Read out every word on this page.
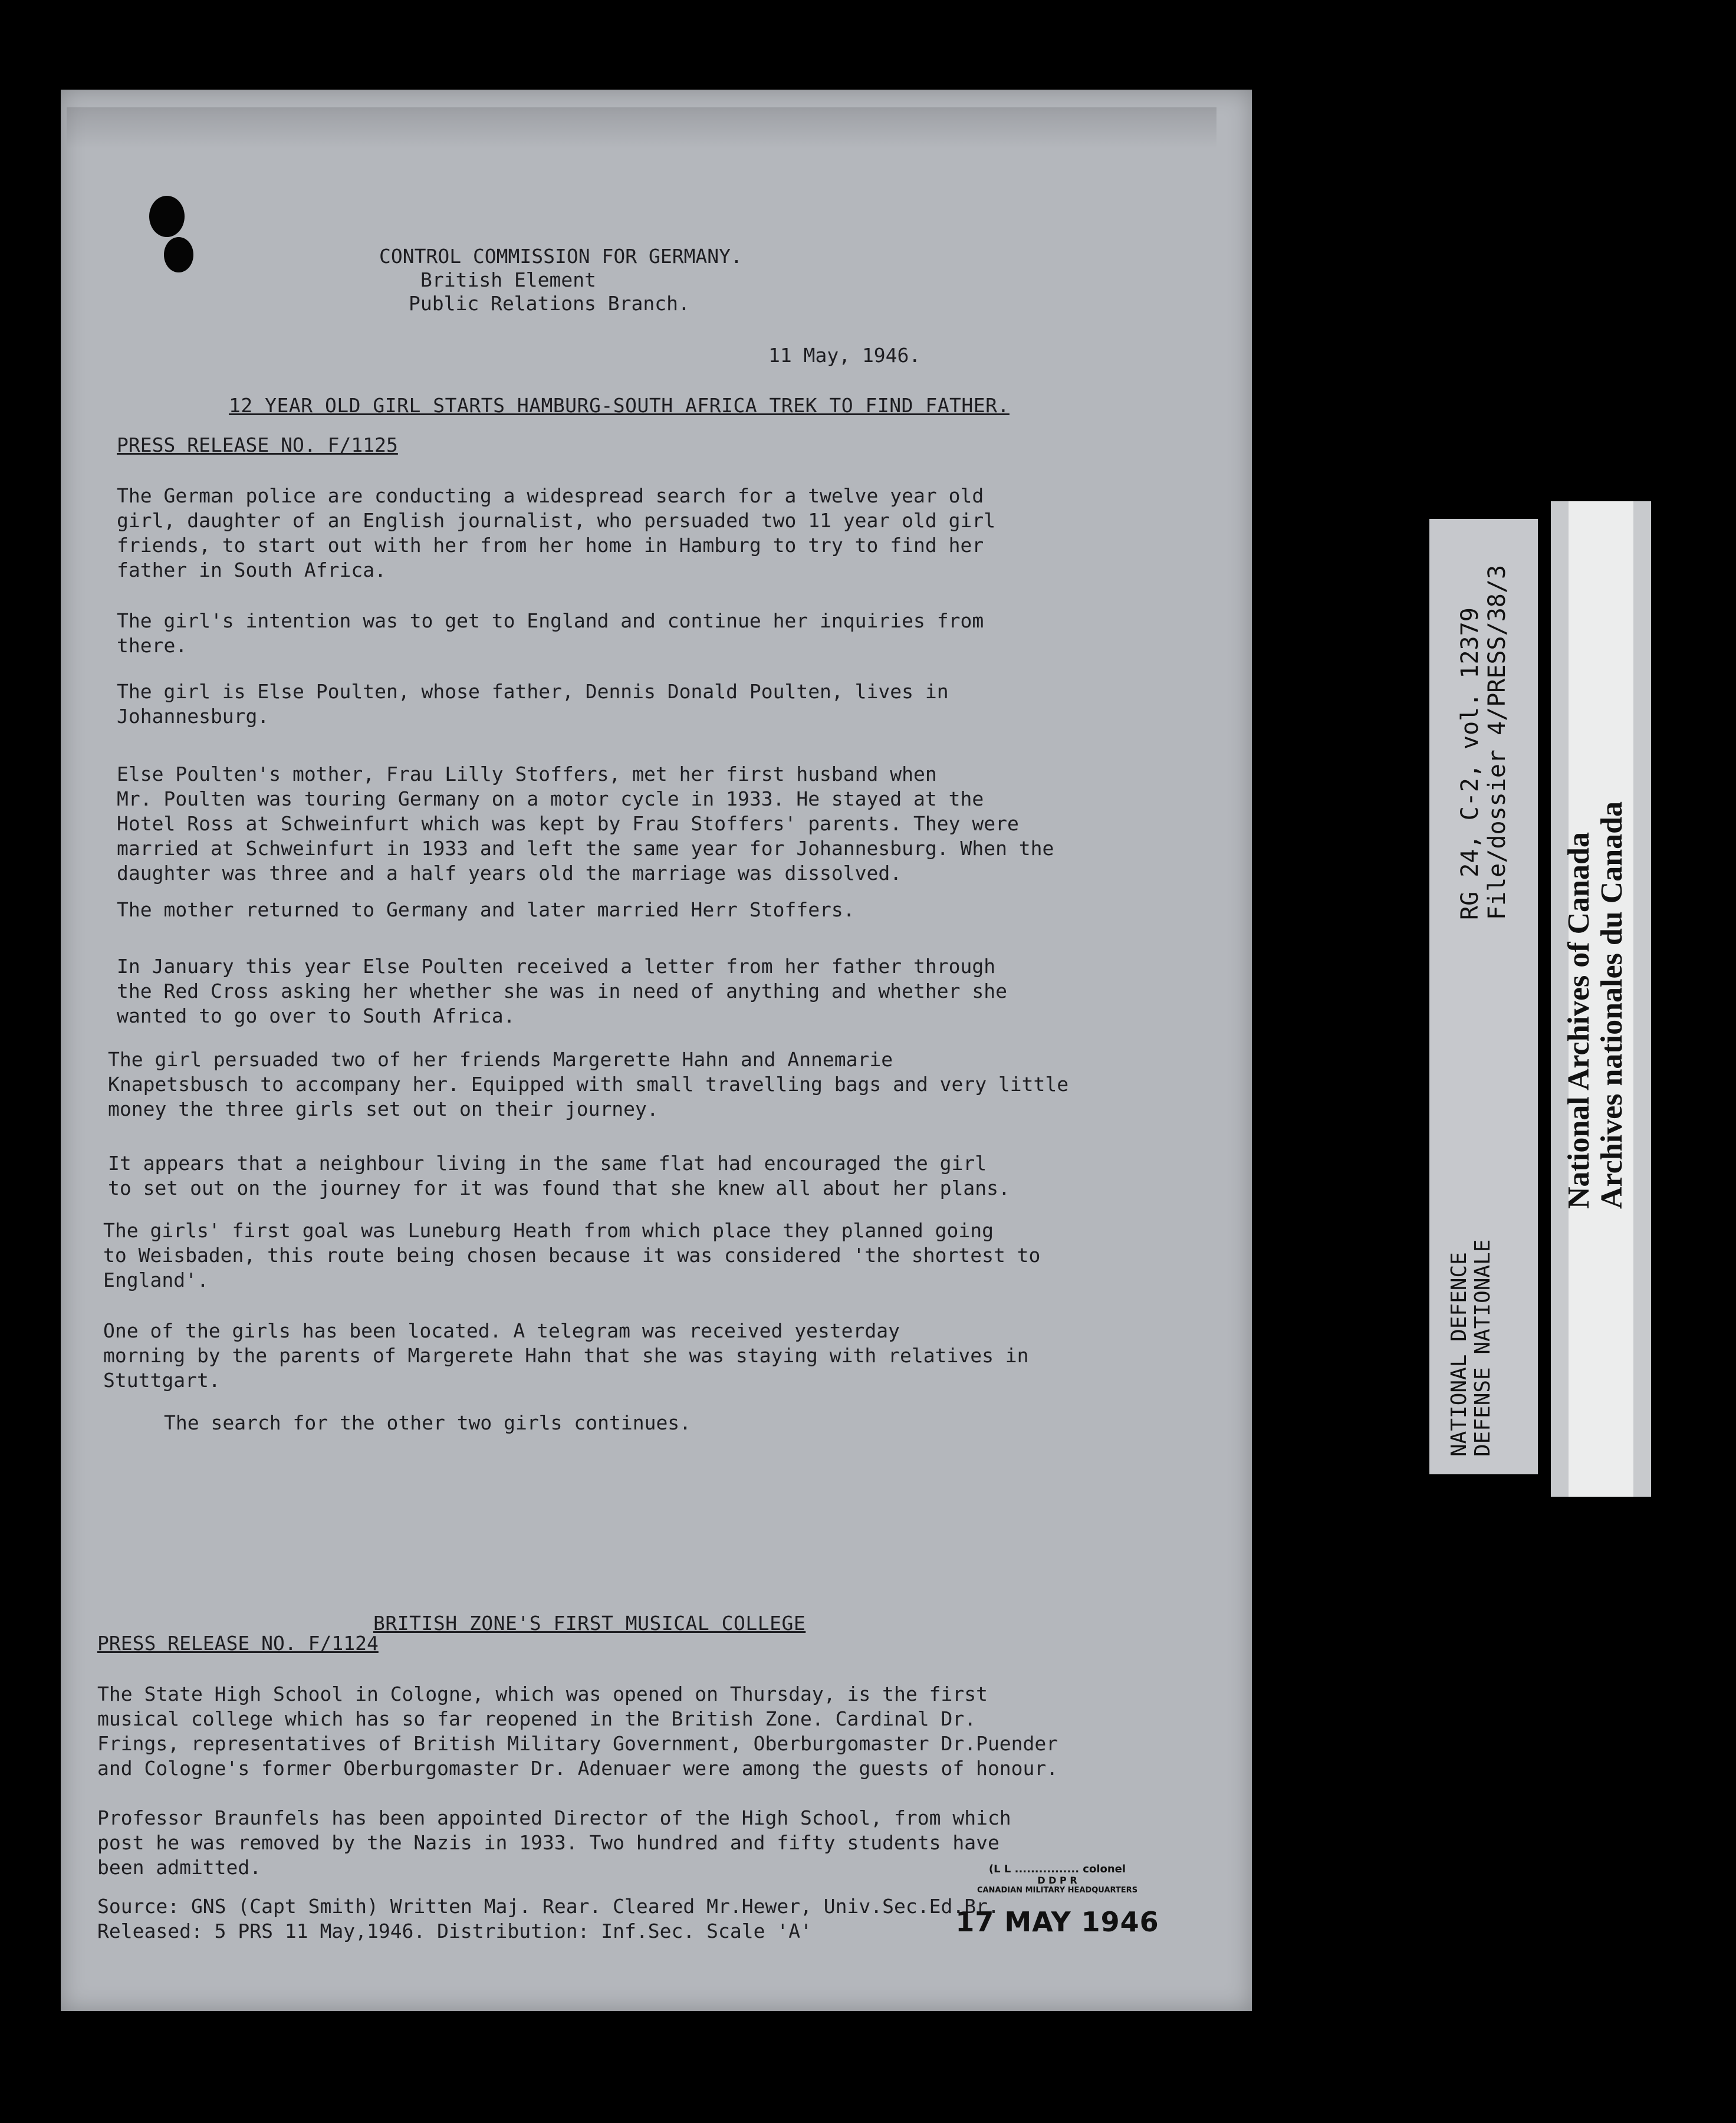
CONTROL COMMISSION FOR GERMANY.
British Element
Public Relations Branch.
11 May, 1946.
12 YEAR OLD GIRL STARTS HAMBURG-SOUTH AFRICA TREK TO FIND FATHER.
PRESS RELEASE NO. F/1125
The German police are conducting a widespread search for a twelve year old
girl, daughter of an English journalist, who persuaded two 11 year old girl
friends, to start out with her from her home in Hamburg to try to find her
father in South Africa.
The girl's intention was to get to England and continue her inquiries from
there.
The girl is Else Poulten, whose father, Dennis Donald Poulten, lives in
Johannesburg.
Else Poulten's mother, Frau Lilly Stoffers, met her first husband when
Mr. Poulten was touring Germany on a motor cycle in 1933. He stayed at the
Hotel Ross at Schweinfurt which was kept by Frau Stoffers' parents. They were
married at Schweinfurt in 1933 and left the same year for Johannesburg. When the
daughter was three and a half years old the marriage was dissolved.
The mother returned to Germany and later married Herr Stoffers.
In January this year Else Poulten received a letter from her father through
the Red Cross asking her whether she was in need of anything and whether she
wanted to go over to South Africa.
The girl persuaded two of her friends Margerette Hahn and Annemarie
Knapetsbusch to accompany her. Equipped with small travelling bags and very little
money the three girls set out on their journey.
It appears that a neighbour living in the same flat had encouraged the girl
to set out on the journey for it was found that she knew all about her plans.
The girls' first goal was Luneburg Heath from which place they planned going
to Weisbaden, this route being chosen because it was considered 'the shortest to
England'.
One of the girls has been located. A telegram was received yesterday
morning by the parents of Margerete Hahn that she was staying with relatives in
Stuttgart.
The search for the other two girls continues.
BRITISH ZONE'S FIRST MUSICAL COLLEGE
PRESS RELEASE NO. F/1124
The State High School in Cologne, which was opened on Thursday, is the first
musical college which has so far reopened in the British Zone. Cardinal Dr.
Frings, representatives of British Military Government, Oberburgomaster Dr.Puender
and Cologne's former Oberburgomaster Dr. Adenuaer were among the guests of honour.
Professor Braunfels has been appointed Director of the High School, from which
post he was removed by the Nazis in 1933. Two hundred and fifty students have
been admitted.
Source: GNS (Capt Smith) Written Maj. Rear. Cleared Mr.Hewer, Univ.Sec.Ed.Br.
Released: 5 PRS 11 May,1946. Distribution: Inf.Sec. Scale 'A'
(L L ................ colonel
D D P R
CANADIAN MILITARY HEADQUARTERS
17 MAY 1946
RG 24, C-2, vol. 12379 File/dossier 4/PRESS/38/3
NATIONAL DEFENCE DEFENSE NATIONALE
National Archives of Canada Archives nationales du Canada
